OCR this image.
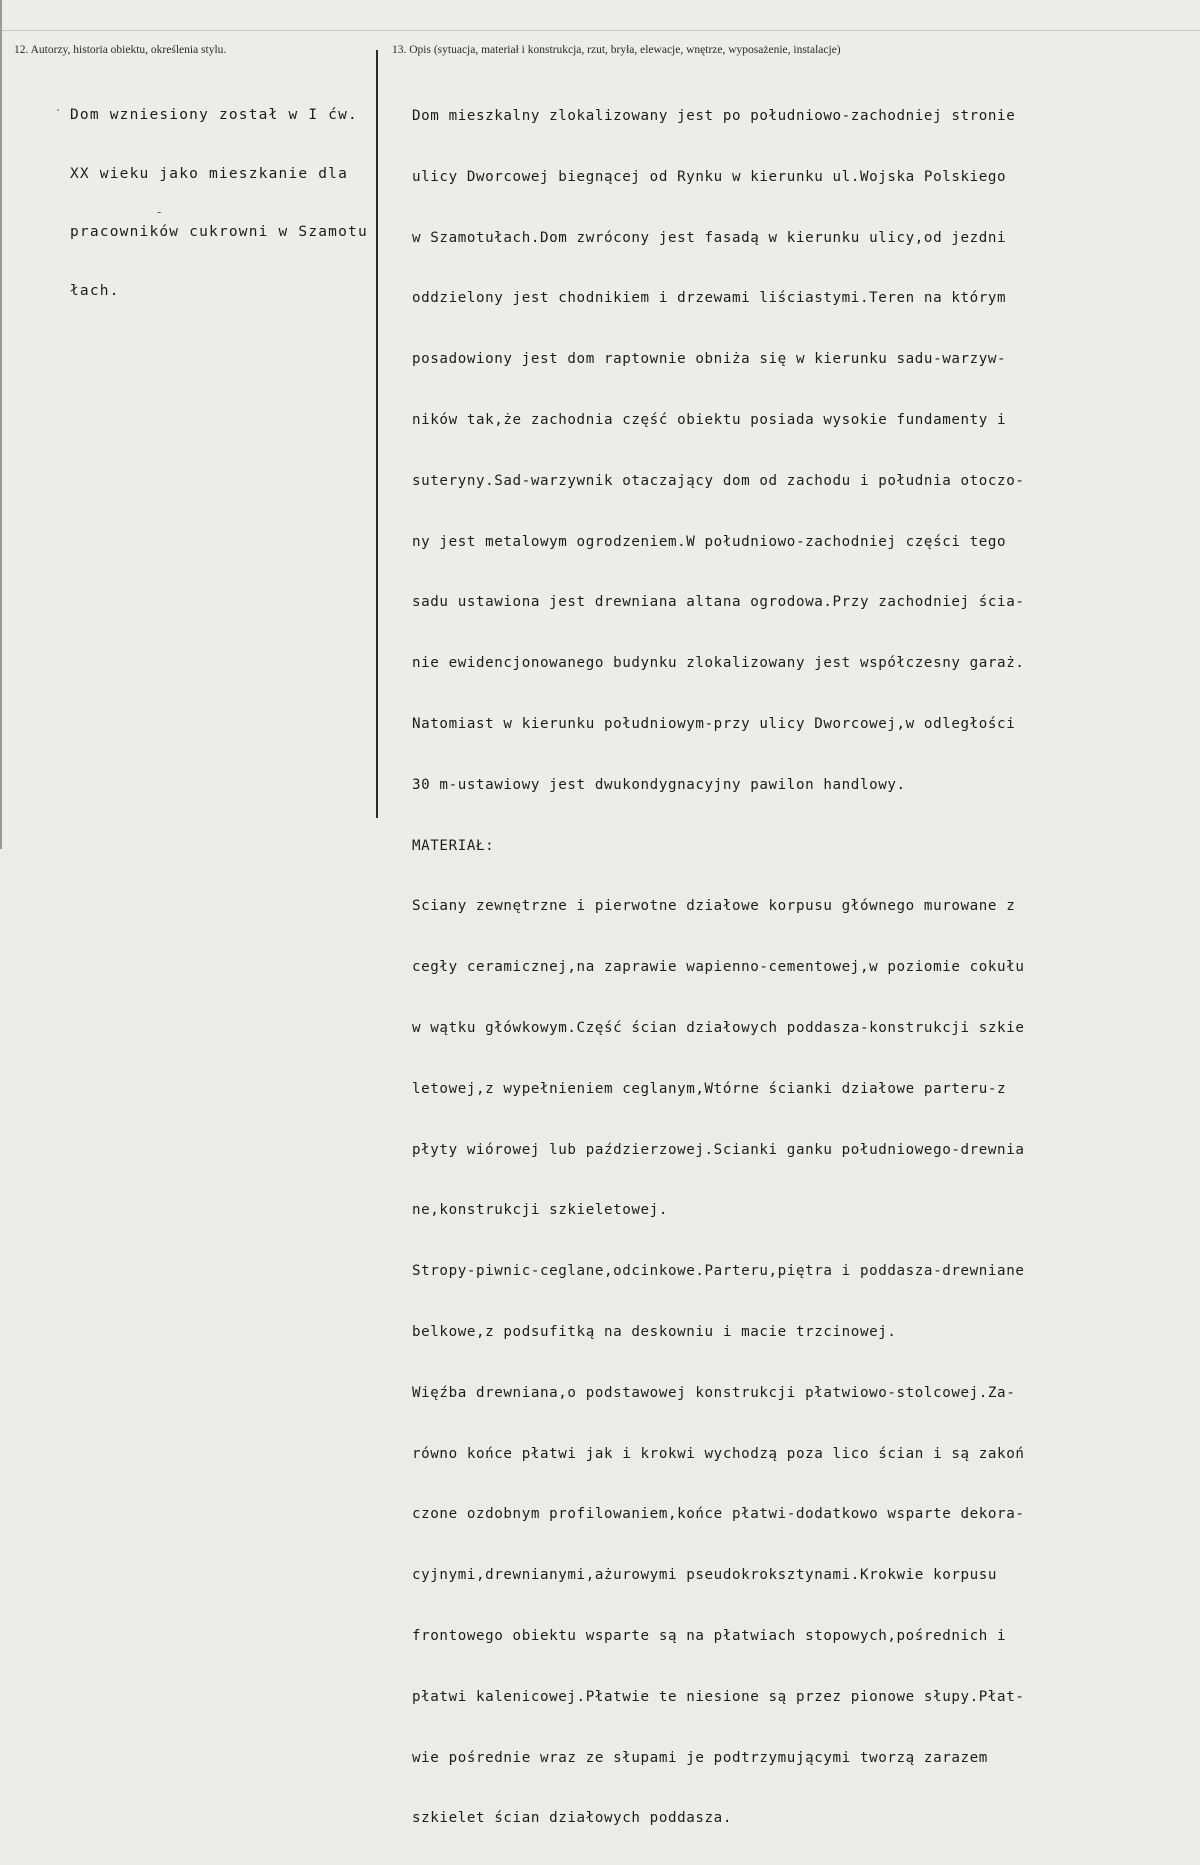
12. Autorzy, historia obiektu, określenia stylu.	13. Opis (sytuacja, materiał i konstrukcja, rzut, bryła, elewacje, wnętrze, wyposażenie, instalacje)

Dom wzniesiony został w I ćw.

XX wieku jako mieszkanie dla

pracowników cukrowni w Szamotu

łach.

Dom mieszkalny zlokalizowany jest po południowo-zachodniej stronie

ulicy Dworcowej biegnącej od Rynku w kierunku ul.Wojska Polskiego

w Szamotułach.Dom zwrócony jest fasadą w kierunku ulicy,od jezdni

oddzielony jest chodnikiem i drzewami liściastymi.Teren na którym

posadowiony jest dom raptownie obniża się w kierunku sadu-warzyw-

ników tak,że zachodnia część obiektu posiada wysokie fundamenty i

suteryny.Sad-warzywnik otaczający dom od zachodu i południa otoczo-

ny jest metalowym ogrodzeniem.W południowo-zachodniej części tego

sadu ustawiona jest drewniana altana ogrodowa.Przy zachodniej ścia-

nie ewidencjonowanego budynku zlokalizowany jest współczesny garaż.

Natomiast w kierunku południowym-przy ulicy Dworcowej,w odległości

30 m-ustawiowy jest dwukondygnacyjny pawilon handlowy.

MATERIAŁ:

Sciany zewnętrzne i pierwotne działowe korpusu głównego murowane z

cegły ceramicznej,na zaprawie wapienno-cementowej,w poziomie cokułu

w wątku główkowym.Część ścian działowych poddasza-konstrukcji szkie

letowej,z wypełnieniem ceglanym,Wtórne ścianki działowe parteru-z

płyty wiórowej lub paździerzowej.Scianki ganku południowego-drewnia

ne,konstrukcji szkieletowej.

Stropy-piwnic-ceglane,odcinkowe.Parteru,piętra i poddasza-drewniane

belkowe,z podsufitką na deskowniu i macie trzcinowej.

Więźba drewniana,o podstawowej konstrukcji płatwiowo-stolcowej.Za-

równo końce płatwi jak i krokwi wychodzą poza lico ścian i są zakoń

czone ozdobnym profilowaniem,końce płatwi-dodatkowo wsparte dekora-

cyjnymi,drewnianymi,ażurowymi pseudokroksztynami.Krokwie korpusu

frontowego obiektu wsparte są na płatwiach stopowych,pośrednich i

płatwi kalenicowej.Płatwie te niesione są przez pionowe słupy.Płat-

wie pośrednie wraz ze słupami je podtrzymującymi tworzą zarazem

szkielet ścian działowych poddasza.

.
-
